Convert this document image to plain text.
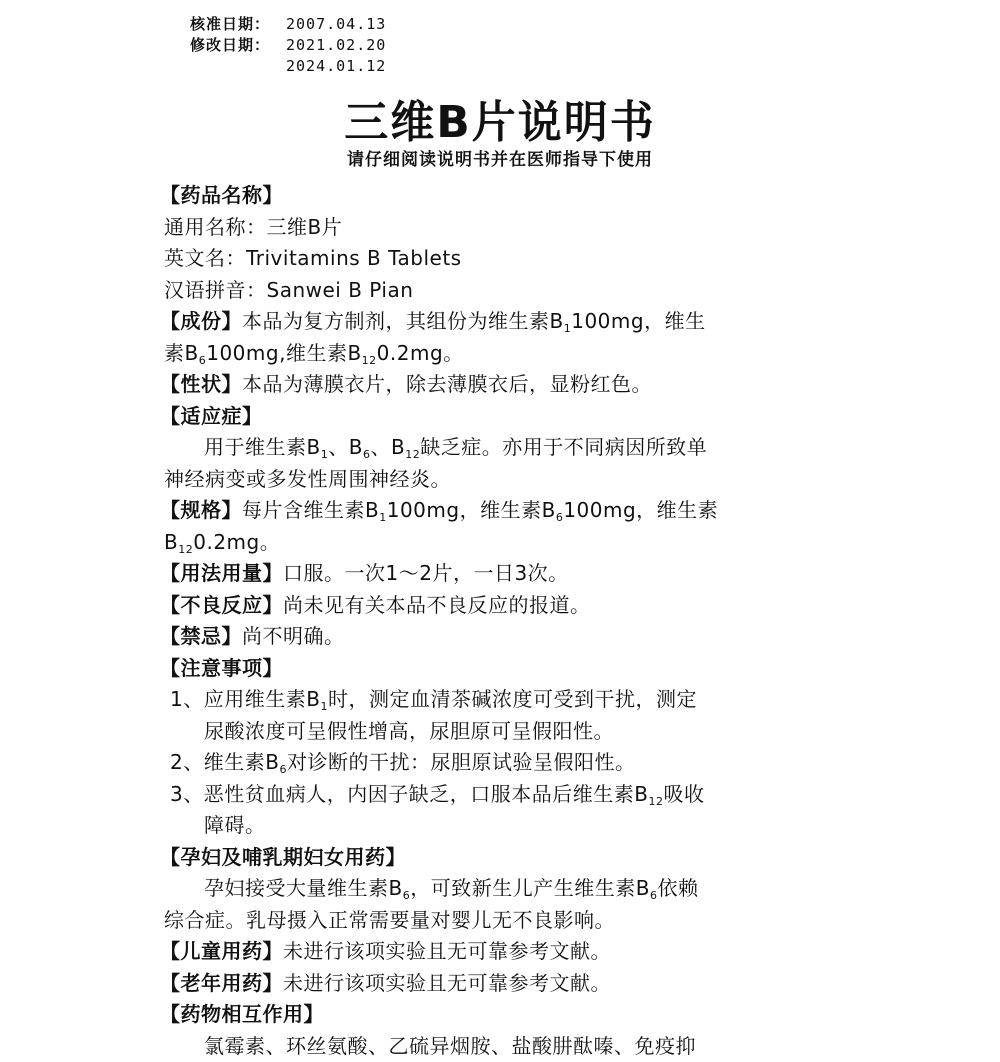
核准日期：	2007.04.13
修改日期：	2021.02.20
2024.01.12
三维B片说明书
请仔细阅读说明书并在医师指导下使用
【药品名称】
通用名称：三维B片
英文名：Trivitamins B Tablets
汉语拼音：Sanwei B Pian
【成份】本品为复方制剂，其组份为维生素$B_1100mg$，维生
素$B_6100mg$,维生素$B_{12}0.2mg$。
【性状】本品为薄膜衣片，除去薄膜衣后，显粉红色。
【适应症】
用于维生素$B_1$、$B_6$、$B_{12}$缺乏症。亦用于不同病因所致单
神经病变或多发性周围神经炎。
【规格】每片含维生素$B_1100mg$，维生素$B_6100mg$，维生素
$B_{12}0.2mg$。
【用法用量】口服。一次1～2片，一日3次。
【不良反应】尚未见有关本品不良反应的报道。
【禁忌】尚不明确。
【注意事项】
1、应用维生素$B_1$时，测定血清茶碱浓度可受到干扰，测定
尿酸浓度可呈假性增高，尿胆原可呈假阳性。
2、维生素$B_6$对诊断的干扰：尿胆原试验呈假阳性。
3、恶性贫血病人，内因子缺乏，口服本品后维生素$B_{12}$吸收
障碍。
【孕妇及哺乳期妇女用药】
孕妇接受大量维生素$B_6$，可致新生儿产生维生素$B_6$依赖
综合症。乳母摄入正常需要量对婴儿无不良影响。
【儿童用药】未进行该项实验且无可靠参考文献。
【老年用药】未进行该项实验且无可靠参考文献。
【药物相互作用】
氯霉素、环丝氨酸、乙硫异烟胺、盐酸肼酞嗪、免疫抑
